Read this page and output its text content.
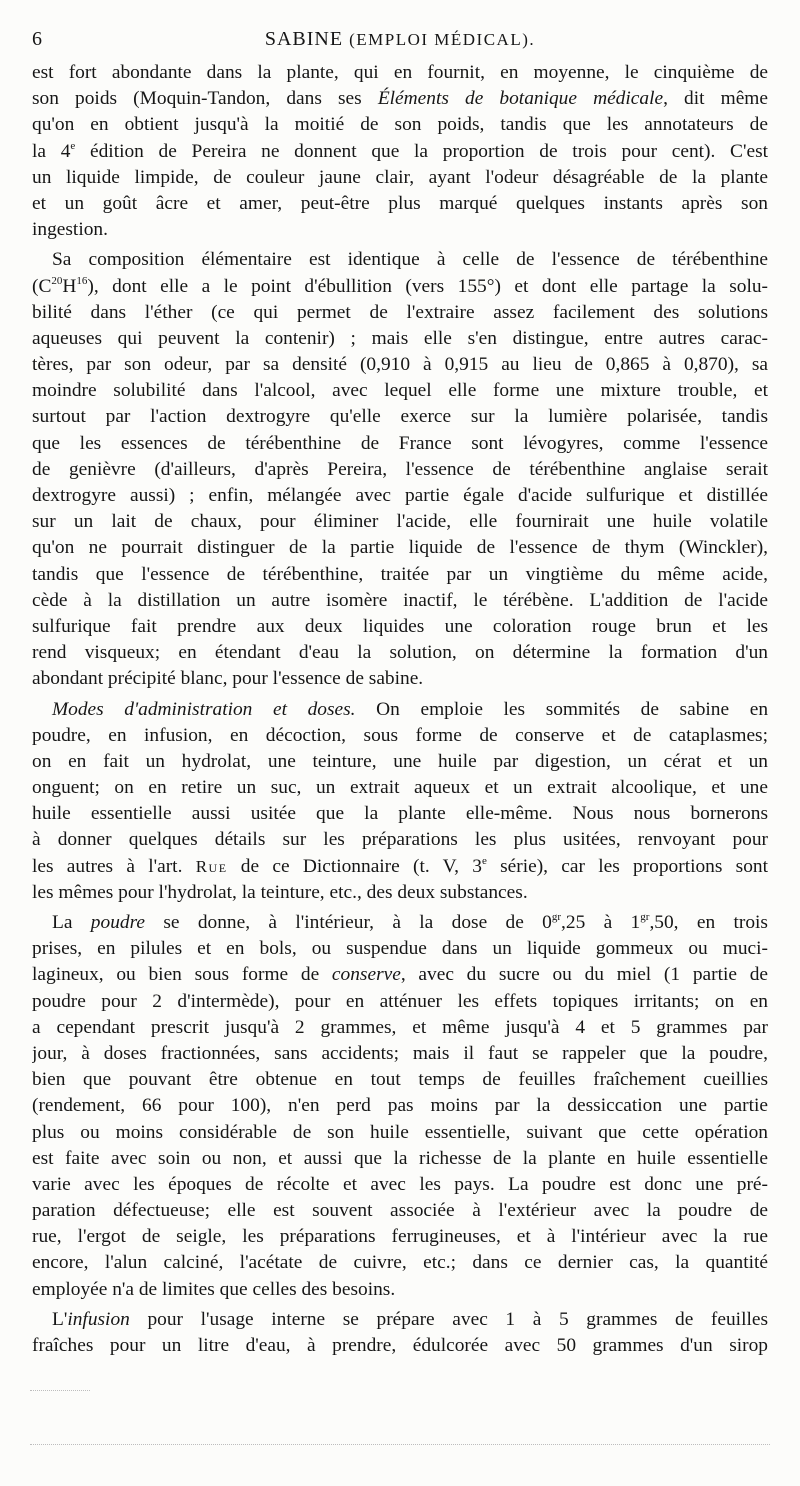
6	SABINE (EMPLOI MÉDICAL).
est fort abondante dans la plante, qui en fournit, en moyenne, le cinquième de
son poids (Moquin-Tandon, dans ses Éléments de botanique médicale, dit même
qu'on en obtient jusqu'à la moitié de son poids, tandis que les annotateurs de
la 4e édition de Pereira ne donnent que la proportion de trois pour cent). C'est
un liquide limpide, de couleur jaune clair, ayant l'odeur désagréable de la plante
et un goût âcre et amer, peut-être plus marqué quelques instants après son
ingestion.
Sa composition élémentaire est identique à celle de l'essence de térébenthine
$(C^{20}H^{16})$, dont elle a le point d'ébullition (vers 155°) et dont elle partage la solu-
bilité dans l'éther (ce qui permet de l'extraire assez facilement des solutions
aqueuses qui peuvent la contenir) ; mais elle s'en distingue, entre autres carac-
tères, par son odeur, par sa densité (0,910 à 0,915 au lieu de 0,865 à 0,870), sa
moindre solubilité dans l'alcool, avec lequel elle forme une mixture trouble, et
surtout par l'action dextrogyre qu'elle exerce sur la lumière polarisée, tandis
que les essences de térébenthine de France sont lévogyres, comme l'essence
de genièvre (d'ailleurs, d'après Pereira, l'essence de térébenthine anglaise serait
dextrogyre aussi) ; enfin, mélangée avec partie égale d'acide sulfurique et distillée
sur un lait de chaux, pour éliminer l'acide, elle fournirait une huile volatile
qu'on ne pourrait distinguer de la partie liquide de l'essence de thym (Winckler),
tandis que l'essence de térébenthine, traitée par un vingtième du même acide,
cède à la distillation un autre isomère inactif, le térébène. L'addition de l'acide
sulfurique fait prendre aux deux liquides une coloration rouge brun et les
rend visqueux; en étendant d'eau la solution, on détermine la formation d'un
abondant précipité blanc, pour l'essence de sabine.
Modes d'administration et doses. On emploie les sommités de sabine en
poudre, en infusion, en décoction, sous forme de conserve et de cataplasmes;
on en fait un hydrolat, une teinture, une huile par digestion, un cérat et un
onguent; on en retire un suc, un extrait aqueux et un extrait alcoolique, et une
huile essentielle aussi usitée que la plante elle-même. Nous nous bornerons
à donner quelques détails sur les préparations les plus usitées, renvoyant pour
les autres à l'art. Rue de ce Dictionnaire (t. V, 3e série), car les proportions sont
les mêmes pour l'hydrolat, la teinture, etc., des deux substances.
La poudre se donne, à l'intérieur, à la dose de $0^{gr},25$ à $1^{gr},50$, en trois
prises, en pilules et en bols, ou suspendue dans un liquide gommeux ou muci-
lagineux, ou bien sous forme de conserve, avec du sucre ou du miel (1 partie de
poudre pour 2 d'intermède), pour en atténuer les effets topiques irritants; on en
a cependant prescrit jusqu'à 2 grammes, et même jusqu'à 4 et 5 grammes par
jour, à doses fractionnées, sans accidents; mais il faut se rappeler que la poudre,
bien que pouvant être obtenue en tout temps de feuilles fraîchement cueillies
(rendement, 66 pour 100), n'en perd pas moins par la dessiccation une partie
plus ou moins considérable de son huile essentielle, suivant que cette opération
est faite avec soin ou non, et aussi que la richesse de la plante en huile essentielle
varie avec les époques de récolte et avec les pays. La poudre est donc une pré-
paration défectueuse; elle est souvent associée à l'extérieur avec la poudre de
rue, l'ergot de seigle, les préparations ferrugineuses, et à l'intérieur avec la rue
encore, l'alun calciné, l'acétate de cuivre, etc.; dans ce dernier cas, la quantité
employée n'a de limites que celles des besoins.
L'infusion pour l'usage interne se prépare avec 1 à 5 grammes de feuilles
fraîches pour un litre d'eau, à prendre, édulcorée avec 50 grammes d'un sirop
